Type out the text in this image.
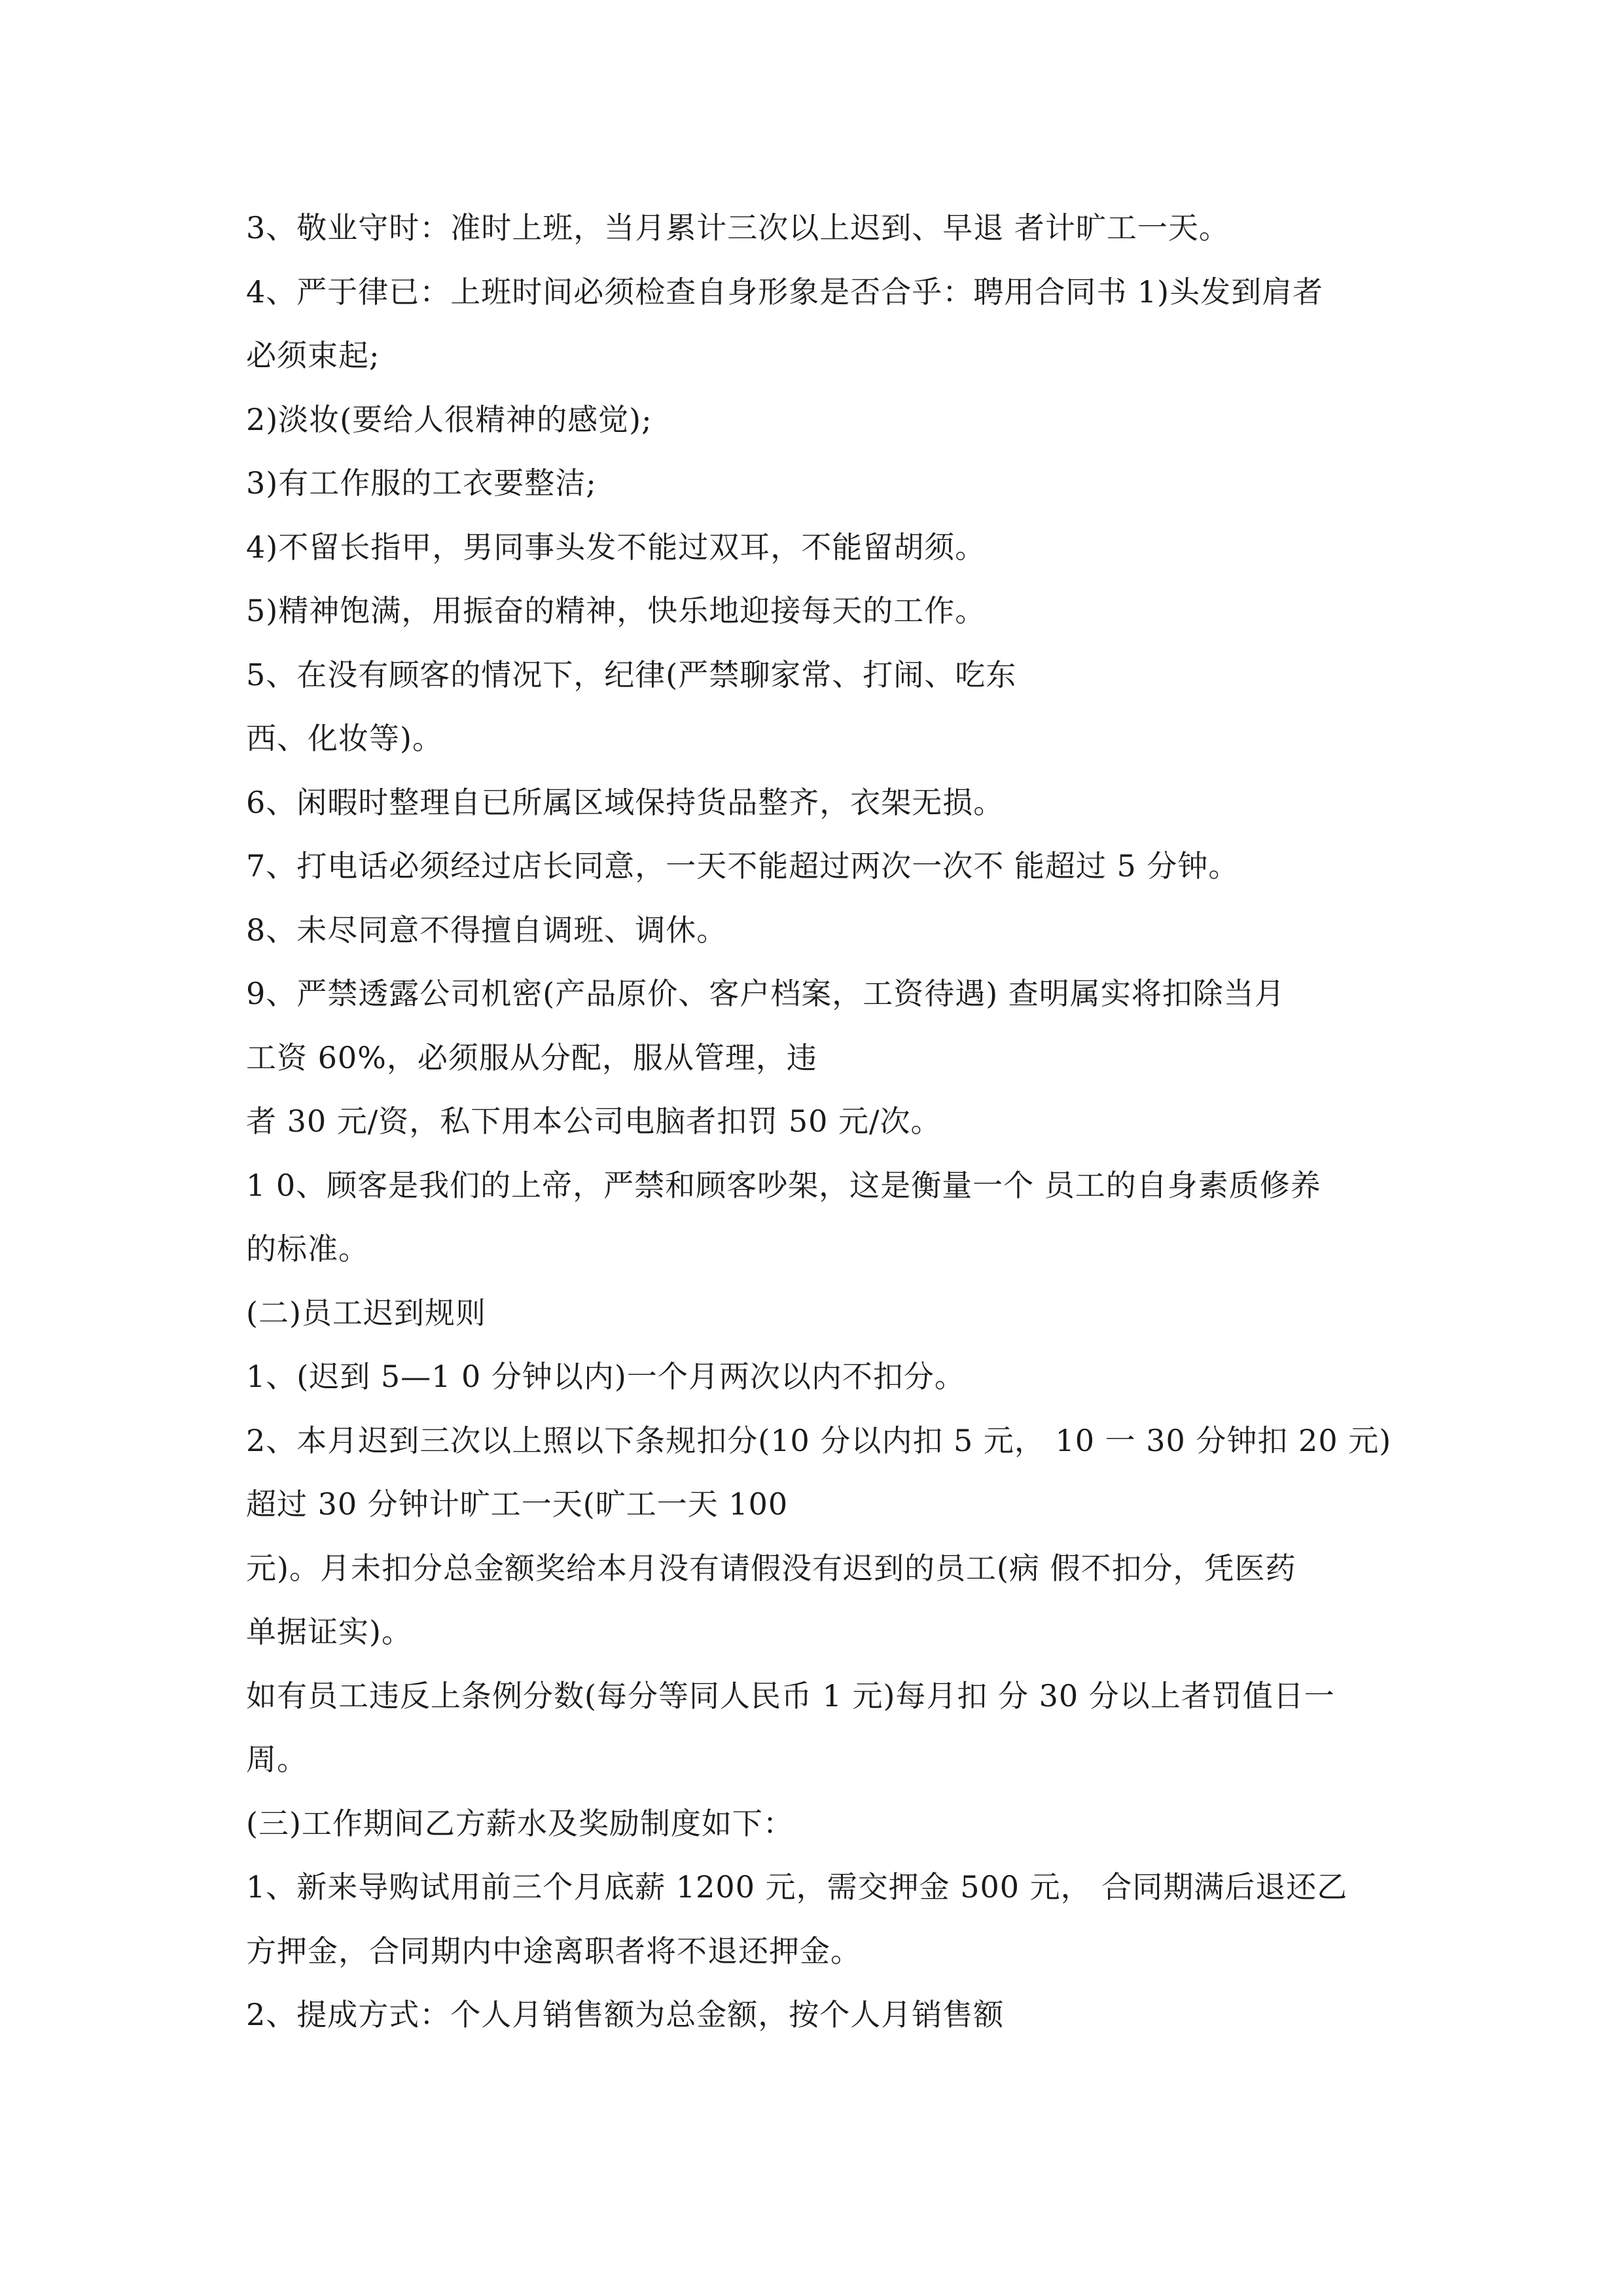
3、敬业守时：准时上班，当月累计三次以上迟到、早退 者计旷工一天。
4、严于律已：上班时间必须检查自身形象是否合乎：聘用合同书 1)头发到肩者
必须束起;
2)淡妆(要给人很精神的感觉);
3)有工作服的工衣要整洁;
4)不留长指甲，男同事头发不能过双耳，不能留胡须。
5)精神饱满，用振奋的精神，快乐地迎接每天的工作。
5、在没有顾客的情况下，纪律(严禁聊家常、打闹、吃东
西、化妆等)。
6、闲暇时整理自已所属区域保持货品整齐，衣架无损。
7、打电话必须经过店长同意，一天不能超过两次一次不 能超过 5 分钟。
8、未尽同意不得擅自调班、调休。
9、严禁透露公司机密(产品原价、客户档案，工资待遇) 查明属实将扣除当月
工资 60%，必须服从分配，服从管理，违
者 30 元/资，私下用本公司电脑者扣罚 50 元/次。
1 0、顾客是我们的上帝，严禁和顾客吵架，这是衡量一个 员工的自身素质修养
的标准。
(二)员工迟到规则
1、(迟到 5—1 0 分钟以内)一个月两次以内不扣分。
2、本月迟到三次以上照以下条规扣分(10 分以内扣 5 元， 10 一 30 分钟扣 20 元)
超过 30 分钟计旷工一天(旷工一天 100
元)。月未扣分总金额奖给本月没有请假没有迟到的员工(病 假不扣分，凭医药
单据证实)。
如有员工违反上条例分数(每分等同人民币 1 元)每月扣 分 30 分以上者罚值日一
周。
(三)工作期间乙方薪水及奖励制度如下：
1、新来导购试用前三个月底薪 1200 元，需交押金 500 元， 合同期满后退还乙
方押金，合同期内中途离职者将不退还押金。
2、提成方式：个人月销售额为总金额，按个人月销售额
